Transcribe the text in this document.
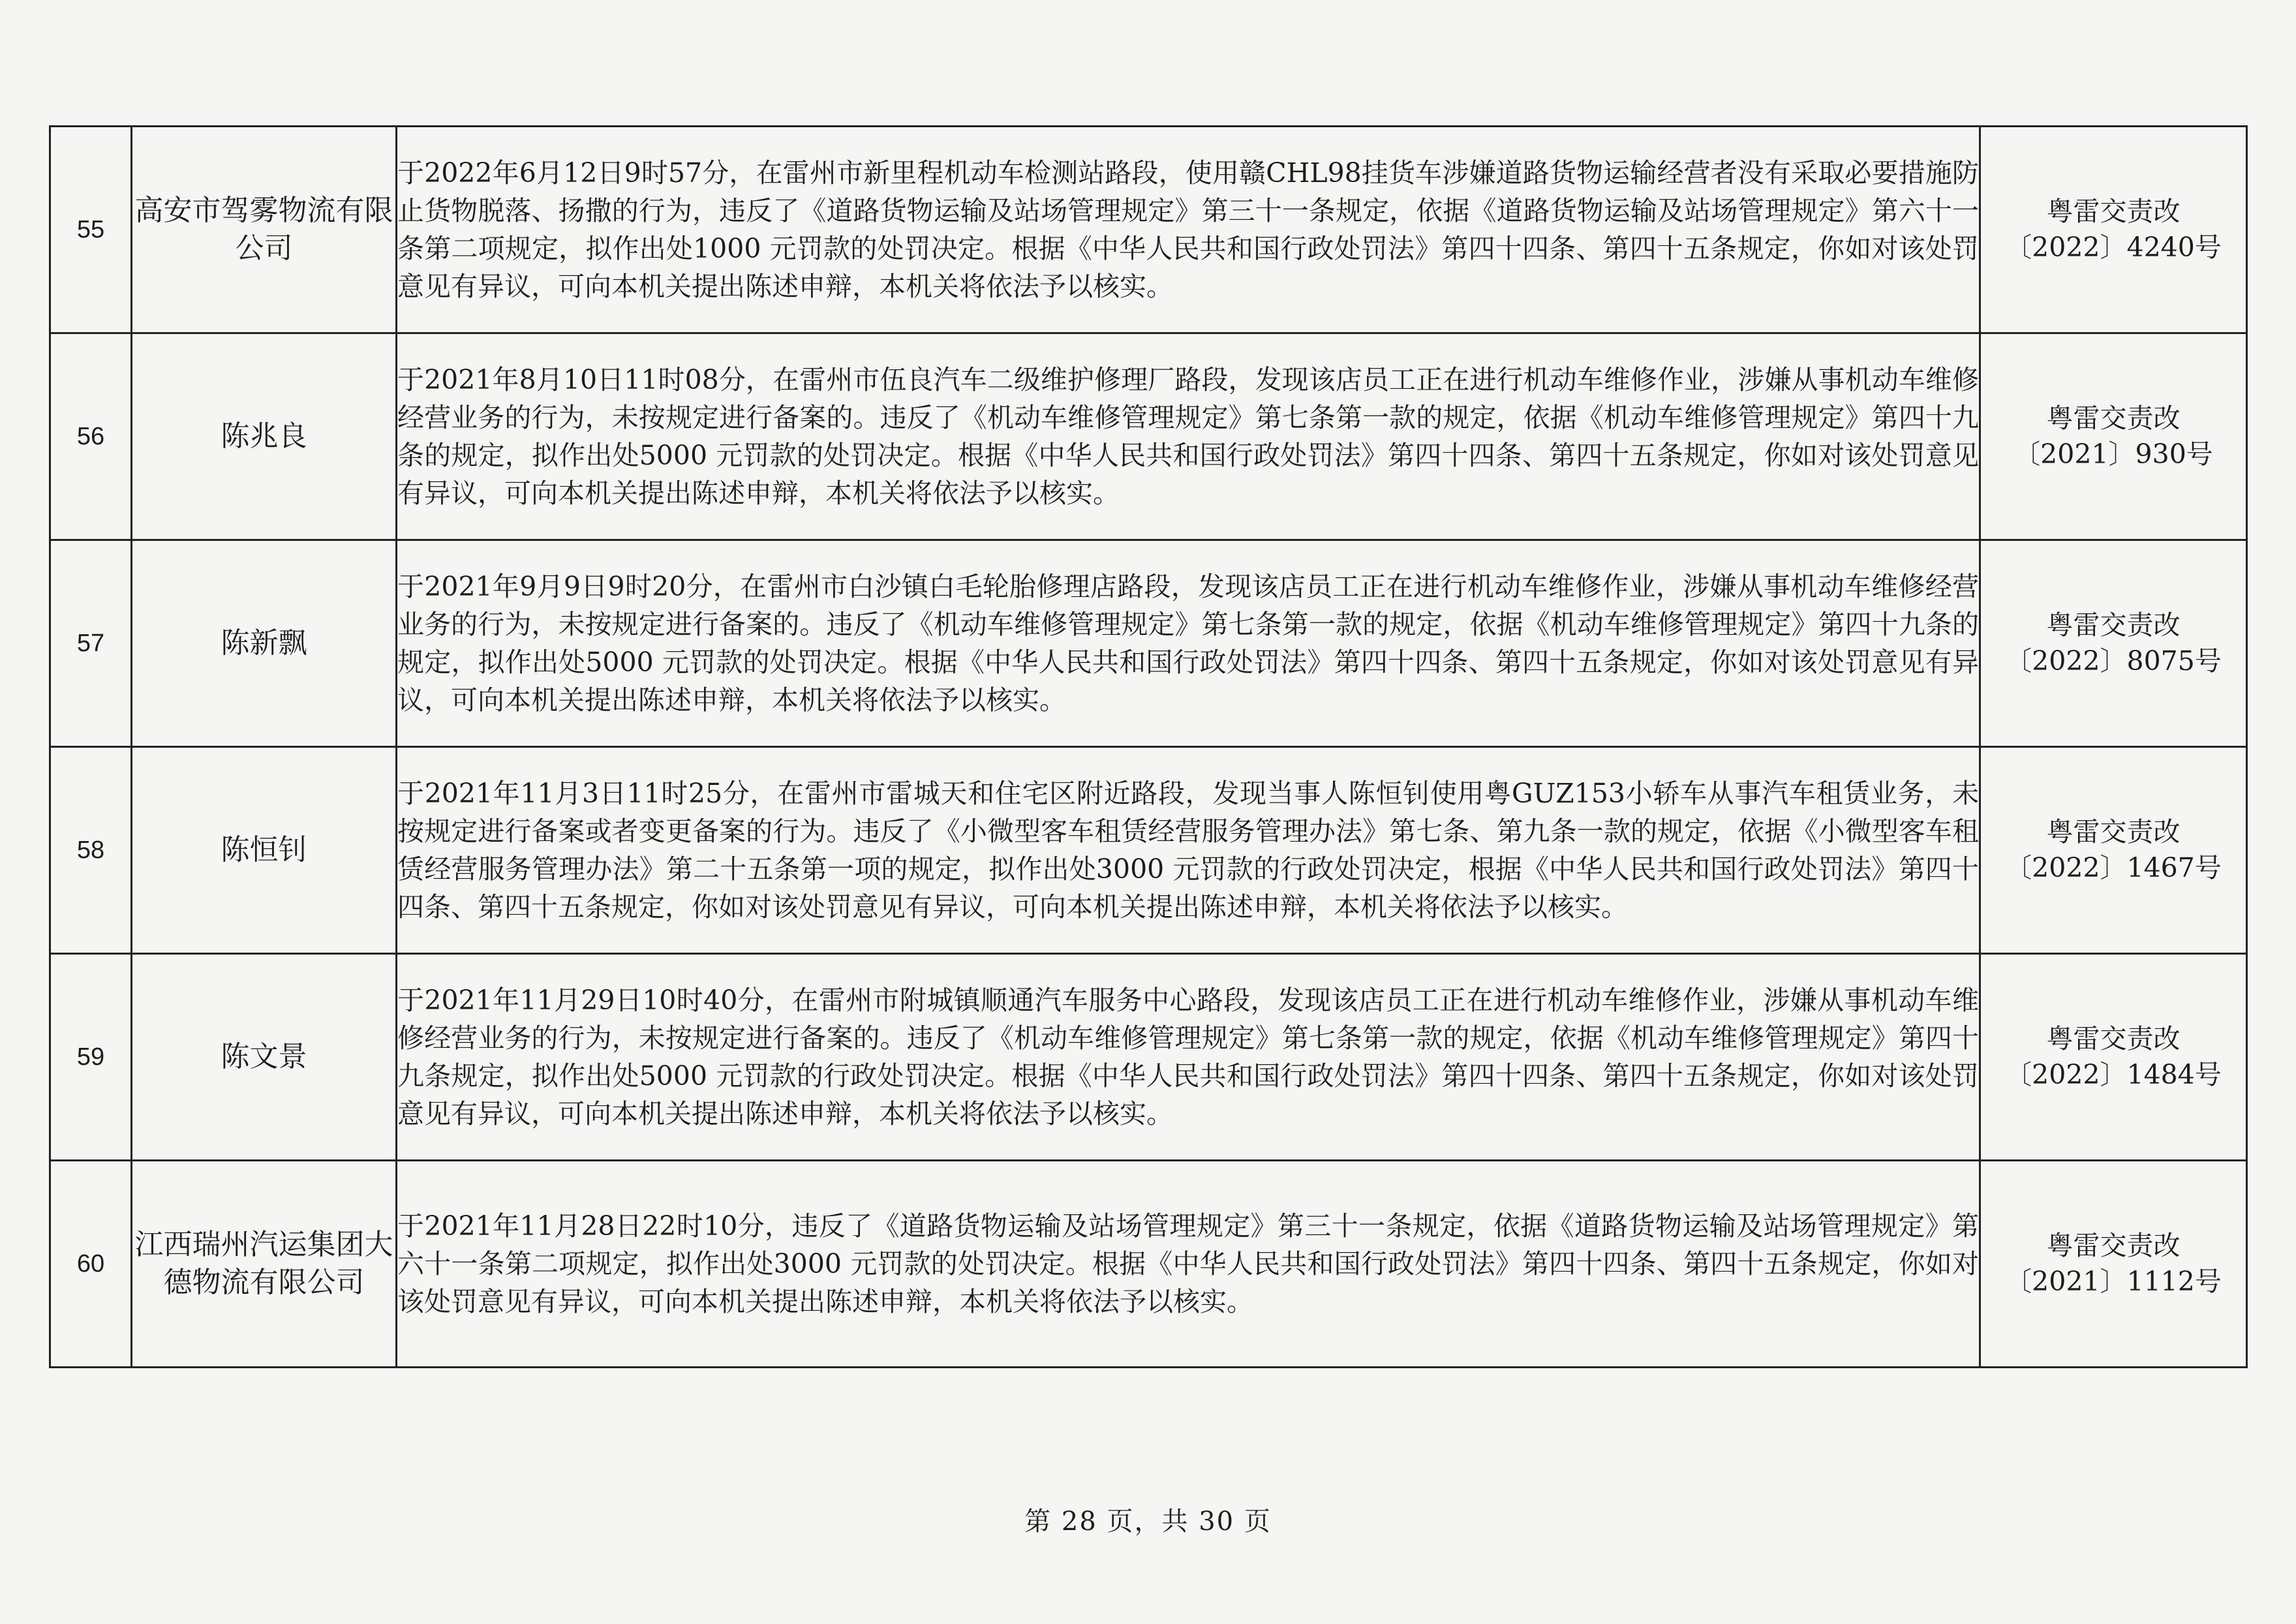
55	高安市驾雾物流有限公司	于2022年6月12日9时57分，在雷州市新里程机动车检测站路段，使用赣CHL98挂货车涉嫌道路货物运输经营者没有采取必要措施防止货物脱落、扬撒的行为，违反了《道路货物运输及站场管理规定》第三十一条规定，依据《道路货物运输及站场管理规定》第六十一条第二项规定，拟作出处1000 元罚款的处罚决定。根据《中华人民共和国行政处罚法》第四十四条、第四十五条规定，你如对该处罚意见有异议，可向本机关提出陈述申辩，本机关将依法予以核实。	粤雷交责改
〔2022〕4240号

56	陈兆良	于2021年8月10日11时08分，在雷州市伍良汽车二级维护修理厂路段，发现该店员工正在进行机动车维修作业，涉嫌从事机动车维修经营业务的行为，未按规定进行备案的。违反了《机动车维修管理规定》第七条第一款的规定，依据《机动车维修管理规定》第四十九条的规定，拟作出处5000 元罚款的处罚决定。根据《中华人民共和国行政处罚法》第四十四条、第四十五条规定，你如对该处罚意见有异议，可向本机关提出陈述申辩，本机关将依法予以核实。	粤雷交责改
〔2021〕930号

57	陈新飘	于2021年9月9日9时20分，在雷州市白沙镇白毛轮胎修理店路段，发现该店员工正在进行机动车维修作业，涉嫌从事机动车维修经营业务的行为，未按规定进行备案的。违反了《机动车维修管理规定》第七条第一款的规定，依据《机动车维修管理规定》第四十九条的规定，拟作出处5000 元罚款的处罚决定。根据《中华人民共和国行政处罚法》第四十四条、第四十五条规定，你如对该处罚意见有异议，可向本机关提出陈述申辩，本机关将依法予以核实。	粤雷交责改
〔2022〕8075号

58	陈恒钊	于2021年11月3日11时25分，在雷州市雷城天和住宅区附近路段，发现当事人陈恒钊使用粤GUZ153小轿车从事汽车租赁业务，未按规定进行备案或者变更备案的行为。违反了《小微型客车租赁经营服务管理办法》第七条、第九条一款的规定，依据《小微型客车租赁经营服务管理办法》第二十五条第一项的规定，拟作出处3000 元罚款的行政处罚决定，根据《中华人民共和国行政处罚法》第四十四条、第四十五条规定，你如对该处罚意见有异议，可向本机关提出陈述申辩，本机关将依法予以核实。	粤雷交责改
〔2022〕1467号

59	陈文景	于2021年11月29日10时40分，在雷州市附城镇顺通汽车服务中心路段，发现该店员工正在进行机动车维修作业，涉嫌从事机动车维修经营业务的行为，未按规定进行备案的。违反了《机动车维修管理规定》第七条第一款的规定，依据《机动车维修管理规定》第四十九条规定，拟作出处5000 元罚款的行政处罚决定。根据《中华人民共和国行政处罚法》第四十四条、第四十五条规定，你如对该处罚意见有异议，可向本机关提出陈述申辩，本机关将依法予以核实。	粤雷交责改
〔2022〕1484号

60	江西瑞州汽运集团大德物流有限公司	于2021年11月28日22时10分，违反了《道路货物运输及站场管理规定》第三十一条规定，依据《道路货物运输及站场管理规定》第六十一条第二项规定，拟作出处3000 元罚款的处罚决定。根据《中华人民共和国行政处罚法》第四十四条、第四十五条规定，你如对该处罚意见有异议，可向本机关提出陈述申辩，本机关将依法予以核实。	粤雷交责改
〔2021〕1112号
第 28 页，共 30 页
